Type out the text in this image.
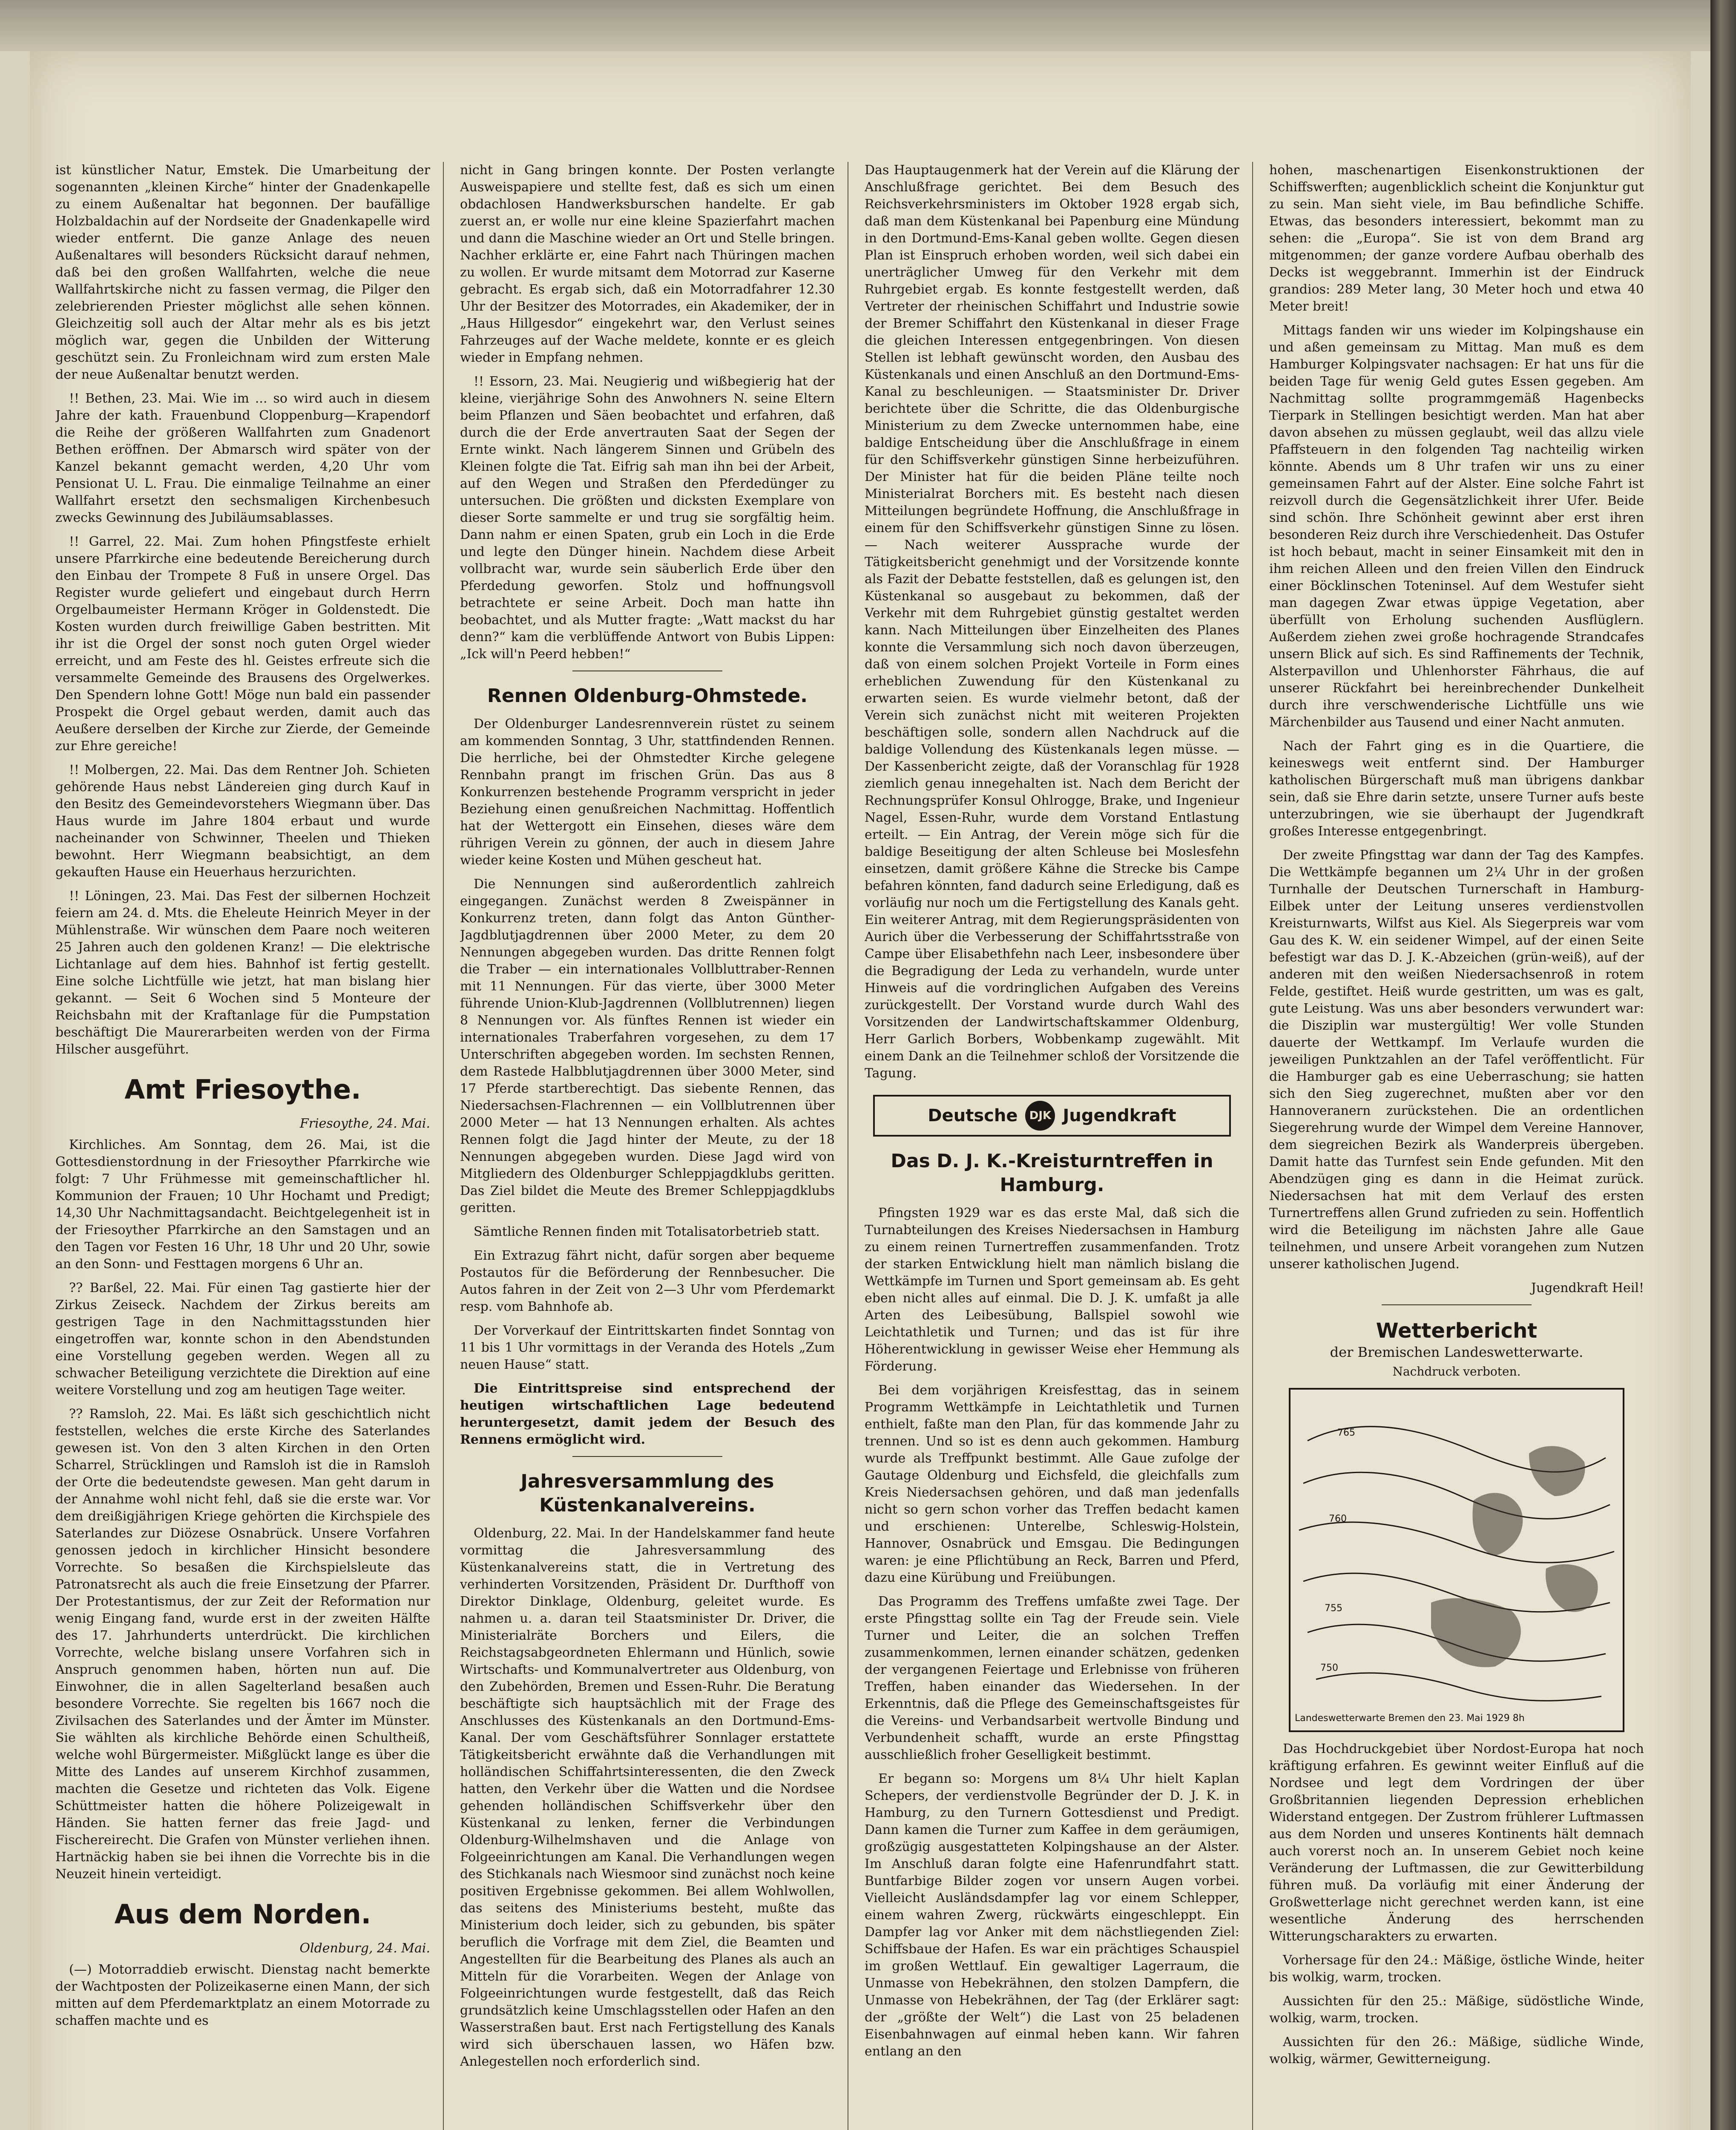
ist künstlicher Natur, Emstek. Die Umarbeitung der sogenannten „kleinen Kirche“ hinter der Gnadenkapelle zu einem Außenaltar hat begonnen. Der baufällige Holzbaldachin auf der Nordseite der Gnadenkapelle wird wieder entfernt. Die ganze Anlage des neuen Außenaltares will besonders Rücksicht darauf nehmen, daß bei den großen Wallfahrten, welche die neue Wallfahrtskirche nicht zu fassen vermag, die Pilger den zelebrierenden Priester möglichst alle sehen können. Gleichzeitig soll auch der Altar mehr als es bis jetzt möglich war, gegen die Unbilden der Witterung geschützt sein. Zu Fronleichnam wird zum ersten Male der neue Außenaltar benutzt werden.

!! Bethen, 23. Mai. Wie im ... so wird auch in diesem Jahre der kath. Frauenbund Cloppenburg—Krapendorf die Reihe der größeren Wallfahrten zum Gnadenort Bethen eröffnen. Der Abmarsch wird später von der Kanzel bekannt gemacht werden, 4,20 Uhr vom Pensionat U. L. Frau. Die einmalige Teilnahme an einer Wallfahrt ersetzt den sechsmaligen Kirchenbesuch zwecks Gewinnung des Jubiläumsablasses.

!! Garrel, 22. Mai. Zum hohen Pfingstfeste erhielt unsere Pfarrkirche eine bedeutende Bereicherung durch den Einbau der Trompete 8 Fuß in unsere Orgel. Das Register wurde geliefert und eingebaut durch Herrn Orgelbaumeister Hermann Kröger in Goldenstedt. Die Kosten wurden durch freiwillige Gaben bestritten. Mit ihr ist die Orgel der sonst noch guten Orgel wieder erreicht, und am Feste des hl. Geistes erfreute sich die versammelte Gemeinde des Brausens des Orgelwerkes. Den Spendern lohne Gott! Möge nun bald ein passender Prospekt die Orgel gebaut werden, damit auch das Aeußere derselben der Kirche zur Zierde, der Gemeinde zur Ehre gereiche!

!! Molbergen, 22. Mai. Das dem Rentner Joh. Schieten gehörende Haus nebst Ländereien ging durch Kauf in den Besitz des Gemeindevorstehers Wiegmann über. Das Haus wurde im Jahre 1804 erbaut und wurde nacheinander von Schwinner, Theelen und Thieken bewohnt. Herr Wiegmann beabsichtigt, an dem gekauften Hause ein Heuerhaus herzurichten.

!! Löningen, 23. Mai. Das Fest der silbernen Hochzeit feiern am 24. d. Mts. die Eheleute Heinrich Meyer in der Mühlenstraße. Wir wünschen dem Paare noch weiteren 25 Jahren auch den goldenen Kranz! — Die elektrische Lichtanlage auf dem hies. Bahnhof ist fertig gestellt. Eine solche Lichtfülle wie jetzt, hat man bislang hier gekannt. — Seit 6 Wochen sind 5 Monteure der Reichsbahn mit der Kraftanlage für die Pumpstation beschäftigt Die Maurerarbeiten werden von der Firma Hilscher ausgeführt.

Amt Friesoythe.
Friesoythe, 24. Mai.

Kirchliches. Am Sonntag, dem 26. Mai, ist die Gottesdienstordnung in der Friesoyther Pfarrkirche wie folgt: 7 Uhr Frühmesse mit gemeinschaftlicher hl. Kommunion der Frauen; 10 Uhr Hochamt und Predigt; 14,30 Uhr Nachmittagsandacht. Beichtgelegenheit ist in der Friesoyther Pfarrkirche an den Samstagen und an den Tagen vor Festen 16 Uhr, 18 Uhr und 20 Uhr, sowie an den Sonn- und Festtagen morgens 6 Uhr an.

?? Barßel, 22. Mai. Für einen Tag gastierte hier der Zirkus Zeiseck. Nachdem der Zirkus bereits am gestrigen Tage in den Nachmittagsstunden hier eingetroffen war, konnte schon in den Abendstunden eine Vorstellung gegeben werden. Wegen all zu schwacher Beteiligung verzichtete die Direktion auf eine weitere Vorstellung und zog am heutigen Tage weiter.

?? Ramsloh, 22. Mai. Es läßt sich geschichtlich nicht feststellen, welches die erste Kirche des Saterlandes gewesen ist. Von den 3 alten Kirchen in den Orten Scharrel, Strücklingen und Ramsloh ist die in Ramsloh der Orte die bedeutendste gewesen. Man geht darum in der Annahme wohl nicht fehl, daß sie die erste war. Vor dem dreißigjährigen Kriege gehörten die Kirchspiele des Saterlandes zur Diözese Osnabrück. Unsere Vorfahren genossen jedoch in kirchlicher Hinsicht besondere Vorrechte. So besaßen die Kirchspielsleute das Patronatsrecht als auch die freie Einsetzung der Pfarrer. Der Protestantismus, der zur Zeit der Reformation nur wenig Eingang fand, wurde erst in der zweiten Hälfte des 17. Jahrhunderts unterdrückt. Die kirchlichen Vorrechte, welche bislang unsere Vorfahren sich in Anspruch genommen haben, hörten nun auf. Die Einwohner, die in allen Sagelterland besaßen auch besondere Vorrechte. Sie regelten bis 1667 noch die Zivilsachen des Saterlandes und der Ämter im Münster. Sie wählten als kirchliche Behörde einen Schultheiß, welche wohl Bürgermeister. Mißglückt lange es über die Mitte des Landes auf unserem Kirchhof zusammen, machten die Gesetze und richteten das Volk. Eigene Schüttmeister hatten die höhere Polizeigewalt in Händen. Sie hatten ferner das freie Jagd- und Fischereirecht. Die Grafen von Münster verliehen ihnen. Hartnäckig haben sie bei ihnen die Vorrechte bis in die Neuzeit hinein verteidigt.

Aus dem Norden.
Oldenburg, 24. Mai.

(—) Motorraddieb erwischt. Dienstag nacht bemerkte der Wachtposten der Polizeikaserne einen Mann, der sich mitten auf dem Pferdemarktplatz an einem Motorrade zu schaffen machte und es

nicht in Gang bringen konnte. Der Posten verlangte Ausweispapiere und stellte fest, daß es sich um einen obdachlosen Handwerksburschen handelte. Er gab zuerst an, er wolle nur eine kleine Spazierfahrt machen und dann die Maschine wieder an Ort und Stelle bringen. Nachher erklärte er, eine Fahrt nach Thüringen machen zu wollen. Er wurde mitsamt dem Motorrad zur Kaserne gebracht. Es ergab sich, daß ein Motorradfahrer 12.30 Uhr der Besitzer des Motorrades, ein Akademiker, der in „Haus Hillgesdor“ eingekehrt war, den Verlust seines Fahrzeuges auf der Wache meldete, konnte er es gleich wieder in Empfang nehmen.

!! Essorn, 23. Mai. Neugierig und wißbegierig hat der kleine, vierjährige Sohn des Anwohners N. seine Eltern beim Pflanzen und Säen beobachtet und erfahren, daß durch die der Erde anvertrauten Saat der Segen der Ernte winkt. Nach längerem Sinnen und Grübeln des Kleinen folgte die Tat. Eifrig sah man ihn bei der Arbeit, auf den Wegen und Straßen den Pferdedünger zu untersuchen. Die größten und dicksten Exemplare von dieser Sorte sammelte er und trug sie sorgfältig heim. Dann nahm er einen Spaten, grub ein Loch in die Erde und legte den Dünger hinein. Nachdem diese Arbeit vollbracht war, wurde sein säuberlich Erde über den Pferdedung geworfen. Stolz und hoffnungsvoll betrachtete er seine Arbeit. Doch man hatte ihn beobachtet, und als Mutter fragte: „Watt mackst du har denn?“ kam die verblüffende Antwort von Bubis Lippen: „Ick will'n Peerd hebben!“

Rennen Oldenburg-Ohmstede.

Der Oldenburger Landesrennverein rüstet zu seinem am kommenden Sonntag, 3 Uhr, stattfindenden Rennen. Die herrliche, bei der Ohmstedter Kirche gelegene Rennbahn prangt im frischen Grün. Das aus 8 Konkurrenzen bestehende Programm verspricht in jeder Beziehung einen genußreichen Nachmittag. Hoffentlich hat der Wettergott ein Einsehen, dieses wäre dem rührigen Verein zu gönnen, der auch in diesem Jahre wieder keine Kosten und Mühen gescheut hat.

Die Nennungen sind außerordentlich zahlreich eingegangen. Zunächst werden 8 Zweispänner in Konkurrenz treten, dann folgt das Anton Günther-Jagdblutjagdrennen über 2000 Meter, zu dem 20 Nennungen abgegeben wurden. Das dritte Rennen folgt die Traber — ein internationales Vollbluttraber-Rennen mit 11 Nennungen. Für das vierte, über 3000 Meter führende Union-Klub-Jagdrennen (Vollblutrennen) liegen 8 Nennungen vor. Als fünftes Rennen ist wieder ein internationales Traberfahren vorgesehen, zu dem 17 Unterschriften abgegeben worden. Im sechsten Rennen, dem Rastede Halbblutjagdrennen über 3000 Meter, sind 17 Pferde startberechtigt. Das siebente Rennen, das Niedersachsen-Flachrennen — ein Vollblutrennen über 2000 Meter — hat 13 Nennungen erhalten. Als achtes Rennen folgt die Jagd hinter der Meute, zu der 18 Nennungen abgegeben wurden. Diese Jagd wird von Mitgliedern des Oldenburger Schleppjagdklubs geritten. Das Ziel bildet die Meute des Bremer Schleppjagdklubs geritten.

Sämtliche Rennen finden mit Totalisatorbetrieb statt.

Ein Extrazug fährt nicht, dafür sorgen aber bequeme Postautos für die Beförderung der Rennbesucher. Die Autos fahren in der Zeit von 2—3 Uhr vom Pferdemarkt resp. vom Bahnhofe ab.

Der Vorverkauf der Eintrittskarten findet Sonntag von 11 bis 1 Uhr vormittags in der Veranda des Hotels „Zum neuen Hause“ statt.

Die Eintrittspreise sind entsprechend der heutigen wirtschaftlichen Lage bedeutend heruntergesetzt, damit jedem der Besuch des Rennens ermöglicht wird.

Jahresversammlung des Küstenkanalvereins.

Oldenburg, 22. Mai. In der Handelskammer fand heute vormittag die Jahresversammlung des Küstenkanalvereins statt, die in Vertretung des verhinderten Vorsitzenden, Präsident Dr. Durfthoff von Direktor Dinklage, Oldenburg, geleitet wurde. Es nahmen u. a. daran teil Staatsminister Dr. Driver, die Ministerialräte Borchers und Eilers, die Reichstagsabgeordneten Ehlermann und Hünlich, sowie Wirtschafts- und Kommunalvertreter aus Oldenburg, von den Zubehörden, Bremen und Essen-Ruhr. Die Beratung beschäftigte sich hauptsächlich mit der Frage des Anschlusses des Küstenkanals an den Dortmund-Ems-Kanal. Der vom Geschäftsführer Sonnlager erstattete Tätigkeitsbericht erwähnte daß die Verhandlungen mit holländischen Schiffahrtsinteressenten, die den Zweck hatten, den Verkehr über die Watten und die Nordsee gehenden holländischen Schiffsverkehr über den Küstenkanal zu lenken, ferner die Verbindungen Oldenburg-Wilhelmshaven und die Anlage von Folgeeinrichtungen am Kanal. Die Verhandlungen wegen des Stichkanals nach Wiesmoor sind zunächst noch keine positiven Ergebnisse gekommen. Bei allem Wohlwollen, das seitens des Ministeriums besteht, mußte das Ministerium doch leider, sich zu gebunden, bis später beruflich die Vorfrage mit dem Ziel, die Beamten und Angestellten für die Bearbeitung des Planes als auch an Mitteln für die Vorarbeiten. Wegen der Anlage von Folgeeinrichtungen wurde festgestellt, daß das Reich grundsätzlich keine Umschlagsstellen oder Hafen an den Wasserstraßen baut. Erst nach Fertigstellung des Kanals wird sich überschauen lassen, wo Häfen bzw. Anlegestellen noch erforderlich sind.

Das Hauptaugenmerk hat der Verein auf die Klärung der Anschlußfrage gerichtet. Bei dem Besuch des Reichsverkehrsministers im Oktober 1928 ergab sich, daß man dem Küstenkanal bei Papenburg eine Mündung in den Dortmund-Ems-Kanal geben wollte. Gegen diesen Plan ist Einspruch erhoben worden, weil sich dabei ein unerträglicher Umweg für den Verkehr mit dem Ruhrgebiet ergab. Es konnte festgestellt werden, daß Vertreter der rheinischen Schiffahrt und Industrie sowie der Bremer Schiffahrt den Küstenkanal in dieser Frage die gleichen Interessen entgegenbringen. Von diesen Stellen ist lebhaft gewünscht worden, den Ausbau des Küstenkanals und einen Anschluß an den Dortmund-Ems-Kanal zu beschleunigen. — Staatsminister Dr. Driver berichtete über die Schritte, die das Oldenburgische Ministerium zu dem Zwecke unternommen habe, eine baldige Entscheidung über die Anschlußfrage in einem für den Schiffsverkehr günstigen Sinne herbeizuführen. Der Minister hat für die beiden Pläne teilte noch Ministerialrat Borchers mit. Es besteht nach diesen Mitteilungen begründete Hoffnung, die Anschlußfrage in einem für den Schiffsverkehr günstigen Sinne zu lösen. — Nach weiterer Aussprache wurde der Tätigkeitsbericht genehmigt und der Vorsitzende konnte als Fazit der Debatte feststellen, daß es gelungen ist, den Küstenkanal so ausgebaut zu bekommen, daß der Verkehr mit dem Ruhrgebiet günstig gestaltet werden kann. Nach Mitteilungen über Einzelheiten des Planes konnte die Versammlung sich noch davon überzeugen, daß von einem solchen Projekt Vorteile in Form eines erheblichen Zuwendung für den Küstenkanal zu erwarten seien. Es wurde vielmehr betont, daß der Verein sich zunächst nicht mit weiteren Projekten beschäftigen solle, sondern allen Nachdruck auf die baldige Vollendung des Küstenkanals legen müsse. — Der Kassenbericht zeigte, daß der Voranschlag für 1928 ziemlich genau innegehalten ist. Nach dem Bericht der Rechnungsprüfer Konsul Ohlrogge, Brake, und Ingenieur Nagel, Essen-Ruhr, wurde dem Vorstand Entlastung erteilt. — Ein Antrag, der Verein möge sich für die baldige Beseitigung der alten Schleuse bei Moslesfehn einsetzen, damit größere Kähne die Strecke bis Campe befahren könnten, fand dadurch seine Erledigung, daß es vorläufig nur noch um die Fertigstellung des Kanals geht. Ein weiterer Antrag, mit dem Regierungspräsidenten von Aurich über die Verbesserung der Schiffahrtsstraße von Campe über Elisabethfehn nach Leer, insbesondere über die Begradigung der Leda zu verhandeln, wurde unter Hinweis auf die vordringlichen Aufgaben des Vereins zurückgestellt. Der Vorstand wurde durch Wahl des Vorsitzenden der Landwirtschaftskammer Oldenburg, Herr Garlich Borbers, Wobbenkamp zugewählt. Mit einem Dank an die Teilnehmer schloß der Vorsitzende die Tagung.

Deutsche	DJK Jugendkraft
Das D. J. K.-Kreisturntreffen in Hamburg.

Pfingsten 1929 war es das erste Mal, daß sich die Turnabteilungen des Kreises Niedersachsen in Hamburg zu einem reinen Turnertreffen zusammenfanden. Trotz der starken Entwicklung hielt man nämlich bislang die Wettkämpfe im Turnen und Sport gemeinsam ab. Es geht eben nicht alles auf einmal. Die D. J. K. umfaßt ja alle Arten des Leibesübung, Ballspiel sowohl wie Leichtathletik und Turnen; und das ist für ihre Höherentwicklung in gewisser Weise eher Hemmung als Förderung.

Bei dem vorjährigen Kreisfesttag, das in seinem Programm Wettkämpfe in Leichtathletik und Turnen enthielt, faßte man den Plan, für das kommende Jahr zu trennen. Und so ist es denn auch gekommen. Hamburg wurde als Treffpunkt bestimmt. Alle Gaue zufolge der Gautage Oldenburg und Eichsfeld, die gleichfalls zum Kreis Niedersachsen gehören, und daß man jedenfalls nicht so gern schon vorher das Treffen bedacht kamen und erschienen: Unterelbe, Schleswig-Holstein, Hannover, Osnabrück und Emsgau. Die Bedingungen waren: je eine Pflichtübung an Reck, Barren und Pferd, dazu eine Kürübung und Freiübungen.

Das Programm des Treffens umfaßte zwei Tage. Der erste Pfingsttag sollte ein Tag der Freude sein. Viele Turner und Leiter, die an solchen Treffen zusammenkommen, lernen einander schätzen, gedenken der vergangenen Feiertage und Erlebnisse von früheren Treffen, haben einander das Wiedersehen. In der Erkenntnis, daß die Pflege des Gemeinschaftsgeistes für die Vereins- und Verbandsarbeit wertvolle Bindung und Verbundenheit schafft, wurde an erste Pfingsttag ausschließlich froher Geselligkeit bestimmt.

Er begann so: Morgens um 8¼ Uhr hielt Kaplan Schepers, der verdienstvolle Begründer der D. J. K. in Hamburg, zu den Turnern Gottesdienst und Predigt. Dann kamen die Turner zum Kaffee in dem geräumigen, großzügig ausgestatteten Kolpingshause an der Alster. Im Anschluß daran folgte eine Hafenrundfahrt statt. Buntfarbige Bilder zogen vor unsern Augen vorbei. Vielleicht Ausländsdampfer lag vor einem Schlepper, einem wahren Zwerg, rückwärts eingeschleppt. Ein Dampfer lag vor Anker mit dem nächstliegenden Ziel: Schiffsbaue der Hafen. Es war ein prächtiges Schauspiel im großen Wettlauf. Ein gewaltiger Lagerraum, die Unmasse von Hebekrähnen, den stolzen Dampfern, die Unmasse von Hebekrähnen, der Tag (der Erklärer sagt: der „größte der Welt“) die Last von 25 beladenen Eisenbahnwagen auf einmal heben kann. Wir fahren entlang an den

hohen, maschenartigen Eisenkonstruktionen der Schiffswerften; augenblicklich scheint die Konjunktur gut zu sein. Man sieht viele, im Bau befindliche Schiffe. Etwas, das besonders interessiert, bekommt man zu sehen: die „Europa“. Sie ist von dem Brand arg mitgenommen; der ganze vordere Aufbau oberhalb des Decks ist weggebrannt. Immerhin ist der Eindruck grandios: 289 Meter lang, 30 Meter hoch und etwa 40 Meter breit!

Mittags fanden wir uns wieder im Kolpingshause ein und aßen gemeinsam zu Mittag. Man muß es dem Hamburger Kolpingsvater nachsagen: Er hat uns für die beiden Tage für wenig Geld gutes Essen gegeben. Am Nachmittag sollte programmgemäß Hagenbecks Tierpark in Stellingen besichtigt werden. Man hat aber davon absehen zu müssen geglaubt, weil das allzu viele Pfaffsteuern in den folgenden Tag nachteilig wirken könnte. Abends um 8 Uhr trafen wir uns zu einer gemeinsamen Fahrt auf der Alster. Eine solche Fahrt ist reizvoll durch die Gegensätzlichkeit ihrer Ufer. Beide sind schön. Ihre Schönheit gewinnt aber erst ihren besonderen Reiz durch ihre Verschiedenheit. Das Ostufer ist hoch bebaut, macht in seiner Einsamkeit mit den in ihm reichen Alleen und den freien Villen den Eindruck einer Böcklinschen Toteninsel. Auf dem Westufer sieht man dagegen Zwar etwas üppige Vegetation, aber überfüllt von Erholung suchenden Ausflüglern. Außerdem ziehen zwei große hochragende Strandcafes unsern Blick auf sich. Es sind Raffinements der Technik, Alsterpavillon und Uhlenhorster Fährhaus, die auf unserer Rückfahrt bei hereinbrechender Dunkelheit durch ihre verschwenderische Lichtfülle uns wie Märchenbilder aus Tausend und einer Nacht anmuten.

Nach der Fahrt ging es in die Quartiere, die keineswegs weit entfernt sind. Der Hamburger katholischen Bürgerschaft muß man übrigens dankbar sein, daß sie Ehre darin setzte, unsere Turner aufs beste unterzubringen, wie sie überhaupt der Jugendkraft großes Interesse entgegenbringt.

Der zweite Pfingsttag war dann der Tag des Kampfes. Die Wettkämpfe begannen um 2¼ Uhr in der großen Turnhalle der Deutschen Turnerschaft in Hamburg-Eilbek unter der Leitung unseres verdienstvollen Kreisturnwarts, Wilfst aus Kiel. Als Siegerpreis war vom Gau des K. W. ein seidener Wimpel, auf der einen Seite befestigt war das D. J. K.-Abzeichen (grün-weiß), auf der anderen mit den weißen Niedersachsenroß in rotem Felde, gestiftet. Heiß wurde gestritten, um was es galt, gute Leistung. Was uns aber besonders verwundert war: die Disziplin war mustergültig! Wer volle Stunden dauerte der Wettkampf. Im Verlaufe wurden die jeweiligen Punktzahlen an der Tafel veröffentlicht. Für die Hamburger gab es eine Ueberraschung; sie hatten sich den Sieg zugerechnet, mußten aber vor den Hannoveranern zurückstehen. Die an ordentlichen Siegerehrung wurde der Wimpel dem Vereine Hannover, dem siegreichen Bezirk als Wanderpreis übergeben. Damit hatte das Turnfest sein Ende gefunden. Mit den Abendzügen ging es dann in die Heimat zurück. Niedersachsen hat mit dem Verlauf des ersten Turnertreffens allen Grund zufrieden zu sein. Hoffentlich wird die Beteiligung im nächsten Jahre alle Gaue teilnehmen, und unsere Arbeit vorangehen zum Nutzen unserer katholischen Jugend.

Jugendkraft Heil!

Wetterbericht
der Bremischen Landeswetterwarte.
Nachdruck verboten.
765
760
755
750
Landeswetterwarte Bremen den 23. Mai 1929 8h

Das Hochdruckgebiet über Nordost-Europa hat noch kräftigung erfahren. Es gewinnt weiter Einfluß auf die Nordsee und legt dem Vordringen der über Großbritannien liegenden Depression erheblichen Widerstand entgegen. Der Zustrom frühlerer Luftmassen aus dem Norden und unseres Kontinents hält demnach auch vorerst noch an. In unserem Gebiet noch keine Veränderung der Luftmassen, die zur Gewitterbildung führen muß. Da vorläufig mit einer Änderung der Großwetterlage nicht gerechnet werden kann, ist eine wesentliche Änderung des herrschenden Witterungscharakters zu erwarten.

Vorhersage für den 24.: Mäßige, östliche Winde, heiter bis wolkig, warm, trocken.

Aussichten für den 25.: Mäßige, südöstliche Winde, wolkig, warm, trocken.

Aussichten für den 26.: Mäßige, südliche Winde, wolkig, wärmer, Gewitterneigung.
